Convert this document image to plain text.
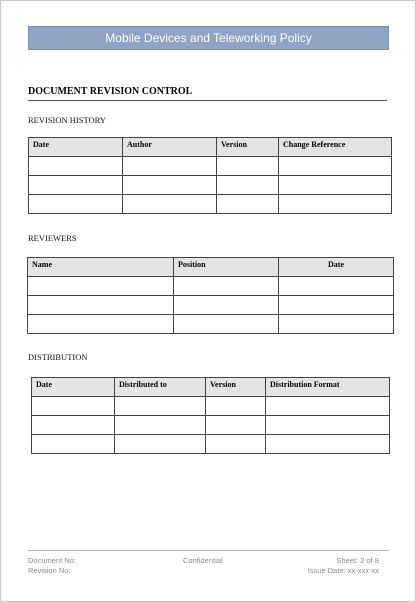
Mobile Devices and Teleworking Policy
DOCUMENT REVISION CONTROL
REVISION HISTORY
Date	Author	Version	Change Reference

REVIEWERS
Name	Position	Date

DISTRIBUTION
Date	Distributed to	Version	Distribution Format

Document No:
Revision No:
Confidential	Sheet: 2 of 8
Issue Date: xx-xxx-xx
